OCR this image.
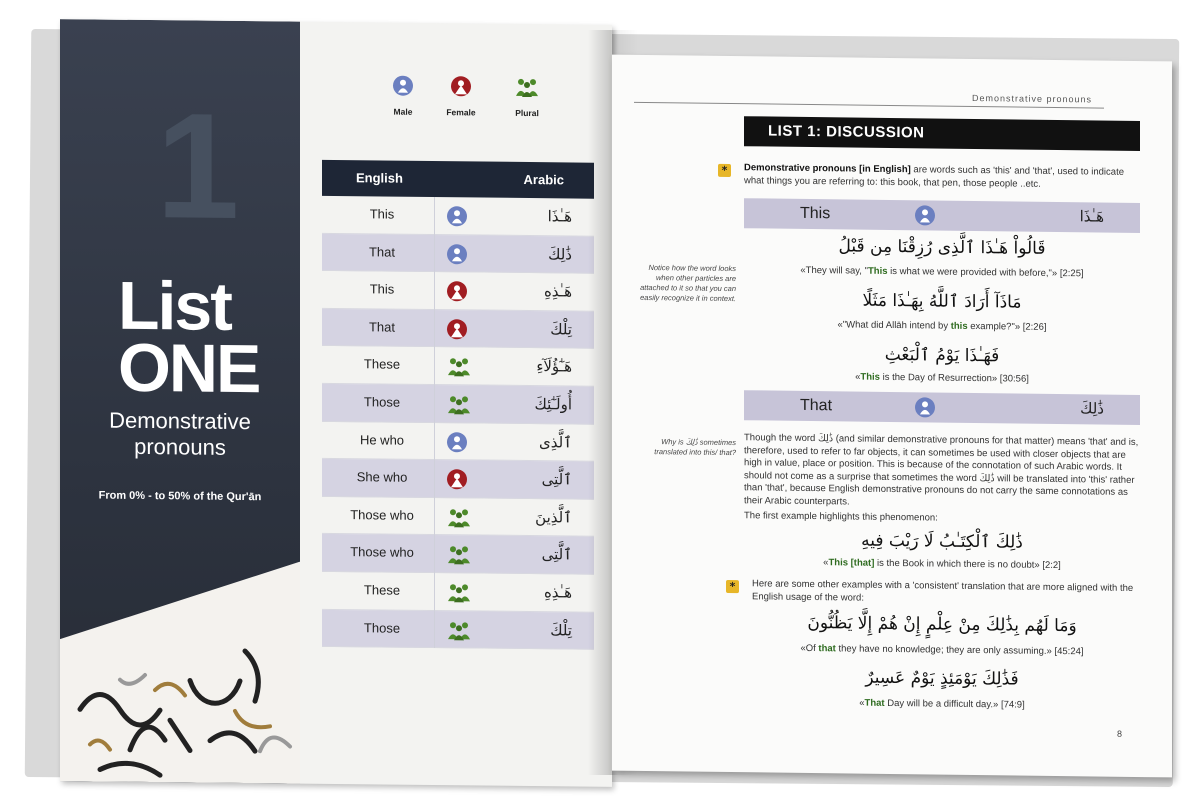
1
List
ONE
Demonstrative
pronouns
From 0% - to 50% of the Qur'ān
Male	Female	Plural
English	Arabic
This	هَـٰذَا
That	ذَٰلِكَ
This	هَـٰذِهِ
That	تِلْكَ
These	هَـٰٓؤُلَآءِ
Those	أُولَـٰٓئِكَ
He who	ٱلَّذِى
She who	ٱلَّتِى
Those who	ٱلَّذِينَ
Those who	ٱلَّتِى
These	هَـٰذِهِ
Those	تِلْكَ
Demonstrative pronouns
LIST 1: DISCUSSION
*	Demonstrative pronouns [in English] are words such as 'this' and 'that', used to indicate what things you are referring to: this book, that pen, those people ..etc.
This	هَـٰذَا
قَالُواْ هَـٰذَا ٱلَّذِى رُزِقْنَا مِن قَبْلُ
«They will say, "This is what we were provided with before,"» [2:25]
Notice how the word looks when other particles are attached to it so that you can easily recognize it in context.	مَاذَآ أَرَادَ ٱللَّهُ بِهَـٰذَا مَثَلًا
«"What did Allāh intend by this example?"» [2:26]
فَهَـٰذَا يَوْمُ ٱلْبَعْثِ
«This is the Day of Resurrection» [30:56]
That	ذَٰلِكَ
Why is ذَٰلِكَ sometimes translated into this/ that?
Though the word ذَٰلِكَ (and similar demonstrative pronouns for that matter) means 'that' and is, therefore, used to refer to far objects, it can sometimes be used with closer objects that are high in value, place or position. This is because of the connotation of such Arabic words. It should not come as a surprise that sometimes the word ذَٰلِكَ will be translated into 'this' rather than 'that', because English demonstrative pronouns do not carry the same connotations as their Arabic counterparts.
The first example highlights this phenomenon:
ذَٰلِكَ ٱلْكِتَـٰبُ لَا رَيْبَ فِيهِ
«This [that] is the Book in which there is no doubt» [2:2]
*	Here are some other examples with a 'consistent' translation that are more aligned with the English usage of the word:
وَمَا لَهُم بِذَٰلِكَ مِنْ عِلْمٍ إِنْ هُمْ إِلَّا يَظُنُّونَ
«Of that they have no knowledge; they are only assuming.» [45:24]
فَذَٰلِكَ يَوْمَئِذٍ يَوْمٌ عَسِيرٌ
«That Day will be a difficult day.» [74:9]
8
